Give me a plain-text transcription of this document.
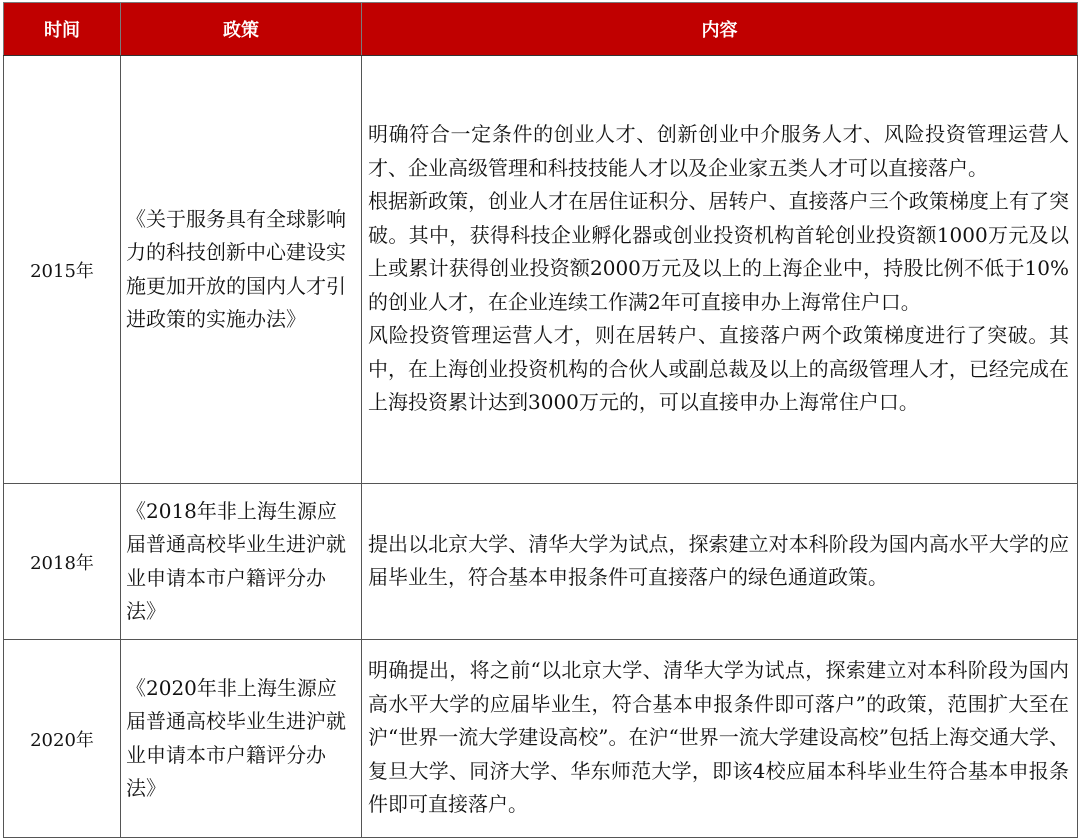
时间	政策	内容
2015年	《关于服务具有全球影响力的科技创新中心建设实施更加开放的国内人才引进政策的实施办法》	明确符合一定条件的创业人才、创新创业中介服务人才、风险投资管理运营人才、企业高级管理和科技技能人才以及企业家五类人才可以直接落户。

根据新政策，创业人才在居住证积分、居转户、直接落户三个政策梯度上有了突破。其中，获得科技企业孵化器或创业投资机构首轮创业投资额1000万元及以上或累计获得创业投资额2000万元及以上的上海企业中，持股比例不低于10%的创业人才，在企业连续工作满2年可直接申办上海常住户口。

风险投资管理运营人才，则在居转户、直接落户两个政策梯度进行了突破。其中，在上海创业投资机构的合伙人或副总裁及以上的高级管理人才，已经完成在上海投资累计达到3000万元的，可以直接申办上海常住户口。

2018年	《2018年非上海生源应届普通高校毕业生进沪就业申请本市户籍评分办法》	提出以北京大学、清华大学为试点，探索建立对本科阶段为国内高水平大学的应届毕业生，符合基本申报条件可直接落户的绿色通道政策。

2020年	《2020年非上海生源应届普通高校毕业生进沪就业申请本市户籍评分办法》	明确提出，将之前“以北京大学、清华大学为试点，探索建立对本科阶段为国内高水平大学的应届毕业生，符合基本申报条件即可落户”的政策，范围扩大至在沪“世界一流大学建设高校”。在沪“世界一流大学建设高校”包括上海交通大学、复旦大学、同济大学、华东师范大学，即该4校应届本科毕业生符合基本申报条件即可直接落户。
